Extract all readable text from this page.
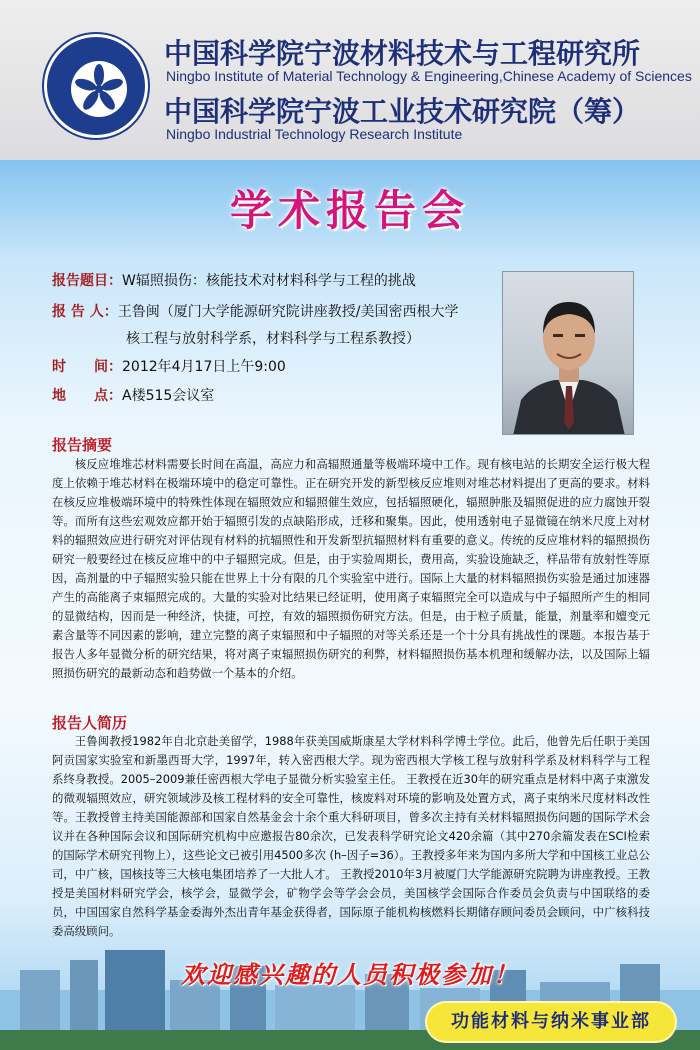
中国科学院宁波材料技术与工程研究所
Ningbo Institute of Material Technology & Engineering,Chinese Academy of Sciences
中国科学院宁波工业技术研究院（筹）
Ningbo Industrial Technology Research Institute
学术报告会
报告题目：W辐照损伤：核能技术对材料科学与工程的挑战
报 告 人：王鲁闽（厦门大学能源研究院讲座教授/美国密西根大学
核工程与放射科学系，材料科学与工程系教授）
时　　间：2012年4月17日上午9:00
地　　点：A楼515会议室
报告摘要
核反应堆堆芯材料需要长时间在高温，高应力和高辐照通量等极端环境中工作。现有核电站的长期安全运行极大程度上依赖于堆芯材料在极端环境中的稳定可靠性。正在研究开发的新型核反应堆则对堆芯材料提出了更高的要求。材料在核反应堆极端环境中的特殊性体现在辐照效应和辐照催生效应，包括辐照硬化，辐照肿胀及辐照促进的应力腐蚀开裂等。而所有这些宏观效应都开始于辐照引发的点缺陷形成，迁移和聚集。因此，使用透射电子显微镜在纳米尺度上对材料的辐照效应进行研究对评估现有材料的抗辐照性和开发新型抗辐照材料有重要的意义。传统的反应堆材料的辐照损伤研究一般要经过在核反应堆中的中子辐照完成。但是，由于实验周期长，费用高，实验设施缺乏，样品带有放射性等原因，高剂量的中子辐照实验只能在世界上十分有限的几个实验室中进行。国际上大量的材料辐照损伤实验是通过加速器产生的高能离子束辐照完成的。大量的实验对比结果已经证明，使用离子束辐照完全可以造成与中子辐照所产生的相同的显微结构，因而是一种经济，快捷，可控，有效的辐照损伤研究方法。但是，由于粒子质量，能量，剂量率和嬗变元素含量等不同因素的影响，建立完整的离子束辐照和中子辐照的对等关系还是一个十分具有挑战性的课题。本报告基于报告人多年显微分析的研究结果，将对离子束辐照损伤研究的利弊，材料辐照损伤基本机理和缓解办法，以及国际上辐照损伤研究的最新动态和趋势做一个基本的介绍。
报告人简历
王鲁闽教授1982年自北京赴美留学，1988年获美国威斯康星大学材料科学博士学位。此后，他曾先后任职于美国阿贡国家实验室和新墨西哥大学，1997年，转入密西根大学。现为密西根大学核工程与放射科学系及材料科学与工程系终身教授。2005–2009兼任密西根大学电子显微分析实验室主任。 王教授在近30年的研究重点是材料中离子束激发的微观辐照效应，研究领域涉及核工程材料的安全可靠性，核废料对环境的影响及处置方式，离子束纳米尺度材料改性等。王教授曾主持美国能源部和国家自然基金会十余个重大科研项目，曾多次主持有关材料辐照损伤问题的国际学术会议并在各种国际会议和国际研究机构中应邀报告80余次，已发表科学研究论文420余篇（其中270余篇发表在SCI检索的国际学术研究刊物上），这些论文已被引用4500多次 (h–因子=36）。王教授多年来为国内多所大学和中国核工业总公司，中广核，国核技等三大核电集团培养了一大批人才。 王教授2010年3月被厦门大学能源研究院聘为讲座教授。王教授是美国材料研究学会，核学会，显微学会，矿物学会等学会会员，美国核学会国际合作委员会负责与中国联络的委员，中国国家自然科学基金委海外杰出青年基金获得者，国际原子能机构核燃料长期储存顾问委员会顾问，中广核科技委高级顾问。
欢迎感兴趣的人员积极参加！
功能材料与纳米事业部
